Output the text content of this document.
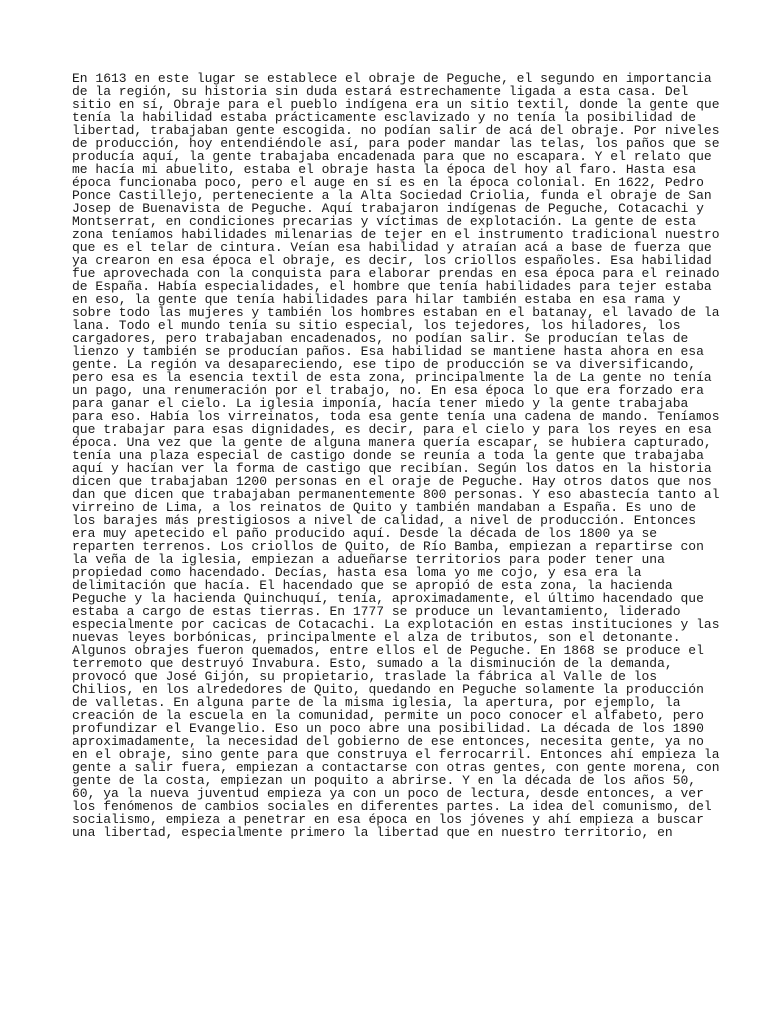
En 1613 en este lugar se establece el obraje de Peguche, el segundo en importancia
de la región, su historia sin duda estará estrechamente ligada a esta casa. Del
sitio en sí, Obraje para el pueblo indígena era un sitio textil, donde la gente que
tenía la habilidad estaba prácticamente esclavizado y no tenía la posibilidad de
libertad, trabajaban gente escogida. no podían salir de acá del obraje. Por niveles
de producción, hoy entendiéndole así, para poder mandar las telas, los paños que se
producía aquí, la gente trabajaba encadenada para que no escapara. Y el relato que
me hacía mi abuelito, estaba el obraje hasta la época del hoy al faro. Hasta esa
época funcionaba poco, pero el auge en sí es en la época colonial. En 1622, Pedro
Ponce Castillejo, perteneciente a la Alta Sociedad Criolia, funda el obraje de San
Josep de Buenavista de Peguche. Aquí trabajaron indígenas de Peguche, Cotacachi y
Montserrat, en condiciones precarias y víctimas de explotación. La gente de esta
zona teníamos habilidades milenarias de tejer en el instrumento tradicional nuestro
que es el telar de cintura. Veían esa habilidad y atraían acá a base de fuerza que
ya crearon en esa época el obraje, es decir, los criollos españoles. Esa habilidad
fue aprovechada con la conquista para elaborar prendas en esa época para el reinado
de España. Había especialidades, el hombre que tenía habilidades para tejer estaba
en eso, la gente que tenía habilidades para hilar también estaba en esa rama y
sobre todo las mujeres y también los hombres estaban en el batanay, el lavado de la
lana. Todo el mundo tenía su sitio especial, los tejedores, los hiladores, los
cargadores, pero trabajaban encadenados, no podían salir. Se producían telas de
lienzo y también se producían paños. Esa habilidad se mantiene hasta ahora en esa
gente. La región va desapareciendo, ese tipo de producción se va diversificando,
pero esa es la esencia textil de esta zona, principalmente la de La gente no tenía
un pago, una renumeración por el trabajo, no. En esa época lo que era forzado era
para ganar el cielo. La iglesia imponía, hacía tener miedo y la gente trabajaba
para eso. Había los virreinatos, toda esa gente tenía una cadena de mando. Teníamos
que trabajar para esas dignidades, es decir, para el cielo y para los reyes en esa
época. Una vez que la gente de alguna manera quería escapar, se hubiera capturado,
tenía una plaza especial de castigo donde se reunía a toda la gente que trabajaba
aquí y hacían ver la forma de castigo que recibían. Según los datos en la historia
dicen que trabajaban 1200 personas en el oraje de Peguche. Hay otros datos que nos
dan que dicen que trabajaban permanentemente 800 personas. Y eso abastecía tanto al
virreino de Lima, a los reinatos de Quito y también mandaban a España. Es uno de
los barajes más prestigiosos a nivel de calidad, a nivel de producción. Entonces
era muy apetecido el paño producido aquí. Desde la década de los 1800 ya se
reparten terrenos. Los criollos de Quito, de Río Bamba, empiezan a repartirse con
la veña de la iglesia, empiezan a adueñarse territorios para poder tener una
propiedad como hacendado. Decías, hasta esa loma yo me cojo, y esa era la
delimitación que hacía. El hacendado que se apropió de esta zona, la hacienda
Peguche y la hacienda Quinchuquí, tenía, aproximadamente, el último hacendado que
estaba a cargo de estas tierras. En 1777 se produce un levantamiento, liderado
especialmente por cacicas de Cotacachi. La explotación en estas instituciones y las
nuevas leyes borbónicas, principalmente el alza de tributos, son el detonante.
Algunos obrajes fueron quemados, entre ellos el de Peguche. En 1868 se produce el
terremoto que destruyó Invabura. Esto, sumado a la disminución de la demanda,
provocó que José Gijón, su propietario, traslade la fábrica al Valle de los
Chilios, en los alrededores de Quito, quedando en Peguche solamente la producción
de valletas. En alguna parte de la misma iglesia, la apertura, por ejemplo, la
creación de la escuela en la comunidad, permite un poco conocer el alfabeto, pero
profundizar el Evangelio. Eso un poco abre una posibilidad. La década de los 1890
aproximadamente, la necesidad del gobierno de ese entonces, necesita gente, ya no
en el obraje, sino gente para que construya el ferrocarril. Entonces ahí empieza la
gente a salir fuera, empiezan a contactarse con otras gentes, con gente morena, con
gente de la costa, empiezan un poquito a abrirse. Y en la década de los años 50,
60, ya la nueva juventud empieza ya con un poco de lectura, desde entonces, a ver
los fenómenos de cambios sociales en diferentes partes. La idea del comunismo, del
socialismo, empieza a penetrar en esa época en los jóvenes y ahí empieza a buscar
una libertad, especialmente primero la libertad que en nuestro territorio, en
